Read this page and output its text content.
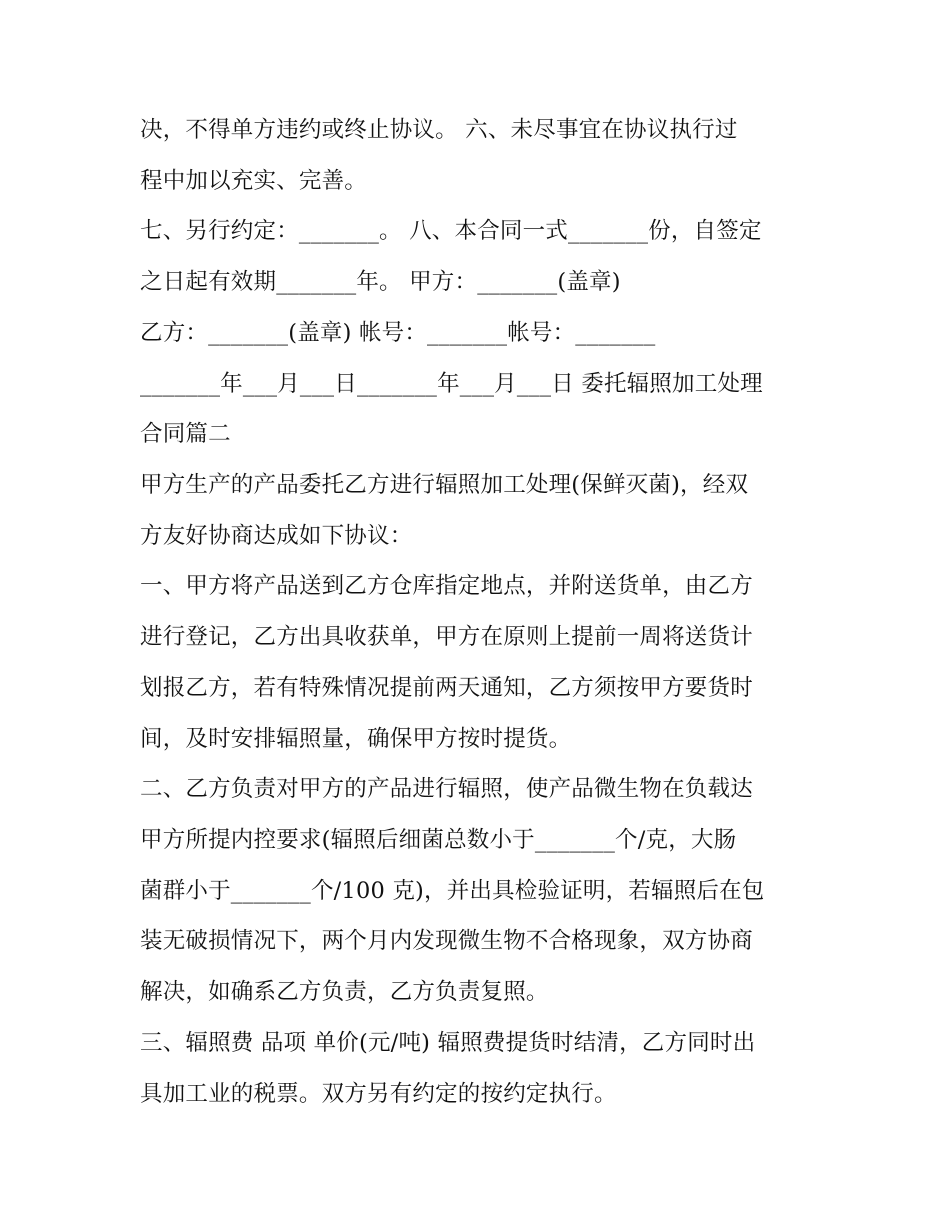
决，不得单方违约或终止协议。 六、未尽事宜在协议执行过
程中加以充实、完善。
七、另行约定：_______。 八、本合同一式_______份，自签定
之日起有效期_______年。 甲方：_______(盖章)
乙方：_______(盖章) 帐号：_______帐号：_______
_______年___月___日_______年___月___日 委托辐照加工处理
合同篇二
甲方生产的产品委托乙方进行辐照加工处理(保鲜灭菌)，经双
方友好协商达成如下协议：
一、甲方将产品送到乙方仓库指定地点，并附送货单，由乙方
进行登记，乙方出具收获单，甲方在原则上提前一周将送货计
划报乙方，若有特殊情况提前两天通知，乙方须按甲方要货时
间，及时安排辐照量，确保甲方按时提货。
二、乙方负责对甲方的产品进行辐照，使产品微生物在负载达
甲方所提内控要求(辐照后细菌总数小于_______个/克，大肠
菌群小于_______个/100 克)，并出具检验证明，若辐照后在包
装无破损情况下，两个月内发现微生物不合格现象，双方协商
解决，如确系乙方负责，乙方负责复照。
三、辐照费 品项 单价(元/吨) 辐照费提货时结清，乙方同时出
具加工业的税票。双方另有约定的按约定执行。
